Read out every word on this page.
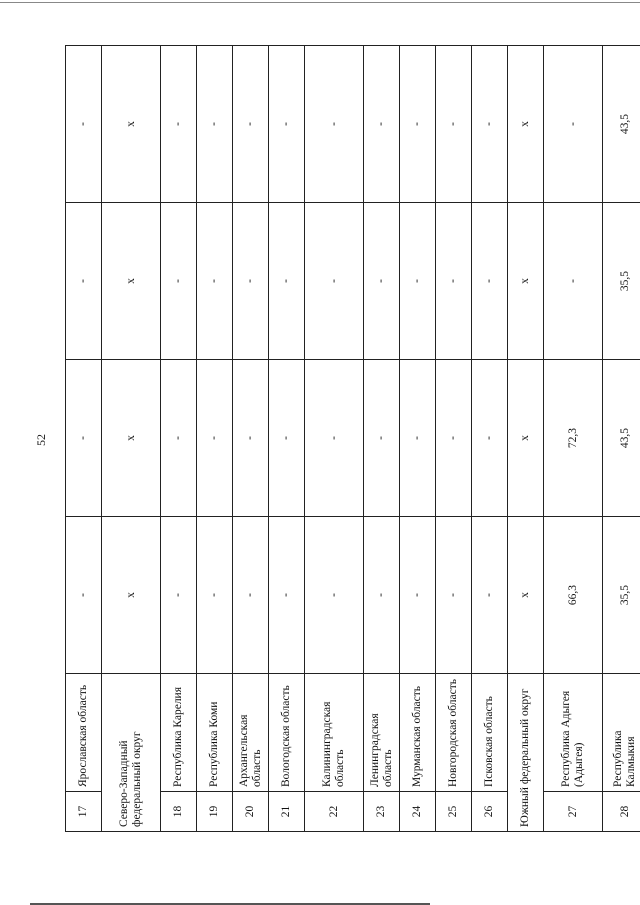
52
17	Ярославская область	-	-	-	-
Северо-Западный федеральный округ		x	x	x	x
18	Республика Карелия	-	-	-	-
19	Республика Коми	-	-	-	-
20	Архангельская область	-	-	-	-
21	Вологодская область	-	-	-	-
22	Калининградская область	-	-	-	-
23	Ленинградская область	-	-	-	-
24	Мурманская область	-	-	-	-
25	Новгородская область	-	-	-	-
26	Псковская область	-	-	-	-
Южный федеральный округ		x	x	x	x
27	Республика Адыгея (Адыгея)	66,3	72,3	-	-
28	Республика Калмыкия	35,5	43,5	35,5	43,5
